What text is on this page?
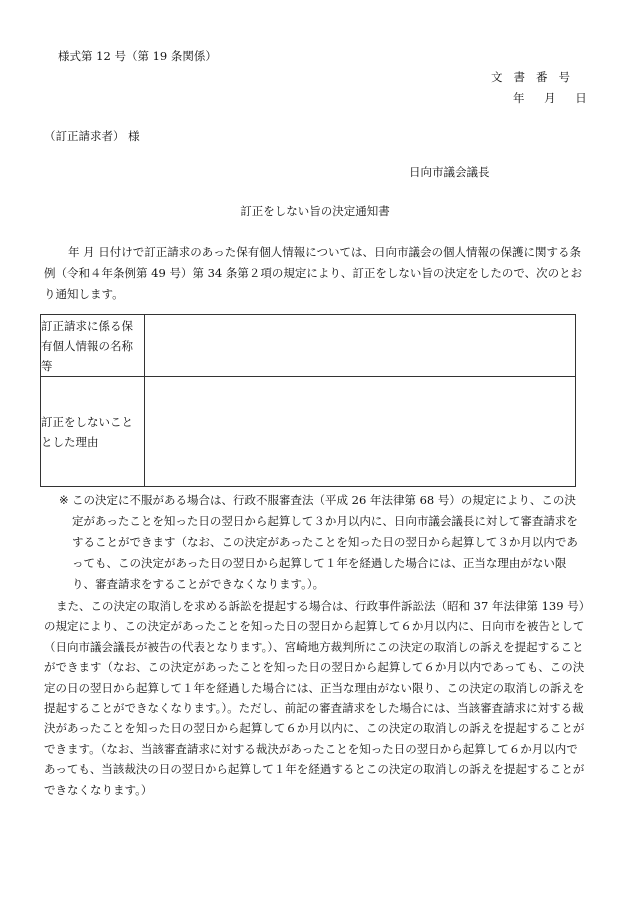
様式第 12 号（第 19 条関係）
文書番号
年 月 日
（訂正請求者） 様
日向市議会議長
訂正をしない旨の決定通知書
年 月 日付けで訂正請求のあった保有個人情報については、日向市議会の個人情報の保護に関する条例（令和４年条例第 49 号）第 34 条第２項の規定により、訂正をしない旨の決定をしたので、次のとおり通知します。
訂正請求に係る保有個人情報の名称等	
訂正をしないこととした理由	
※ この決定に不服がある場合は、行政不服審査法（平成 26 年法律第 68 号）の規定により、この決定があったことを知った日の翌日から起算して３か月以内に、日向市議会議長に対して審査請求をすることができます（なお、この決定があったことを知った日の翌日から起算して３か月以内であっても、この決定があった日の翌日から起算して１年を経過した場合には、正当な理由がない限り、審査請求をすることができなくなります。）。
また、この決定の取消しを求める訴訟を提起する場合は、行政事件訴訟法（昭和 37 年法律第 139 号）の規定により、この決定があったことを知った日の翌日から起算して６か月以内に、日向市を被告として（日向市議会議長が被告の代表となります。）、宮崎地方裁判所にこの決定の取消しの訴えを提起することができます（なお、この決定があったことを知った日の翌日から起算して６か月以内であっても、この決定の日の翌日から起算して１年を経過した場合には、正当な理由がない限り、この決定の取消しの訴えを提起することができなくなります。）。ただし、前記の審査請求をした場合には、当該審査請求に対する裁決があったことを知った日の翌日から起算して６か月以内に、この決定の取消しの訴えを提起することができます。（なお、当該審査請求に対する裁決があったことを知った日の翌日から起算して６か月以内であっても、当該裁決の日の翌日から起算して１年を経過するとこの決定の取消しの訴えを提起することができなくなります。）
